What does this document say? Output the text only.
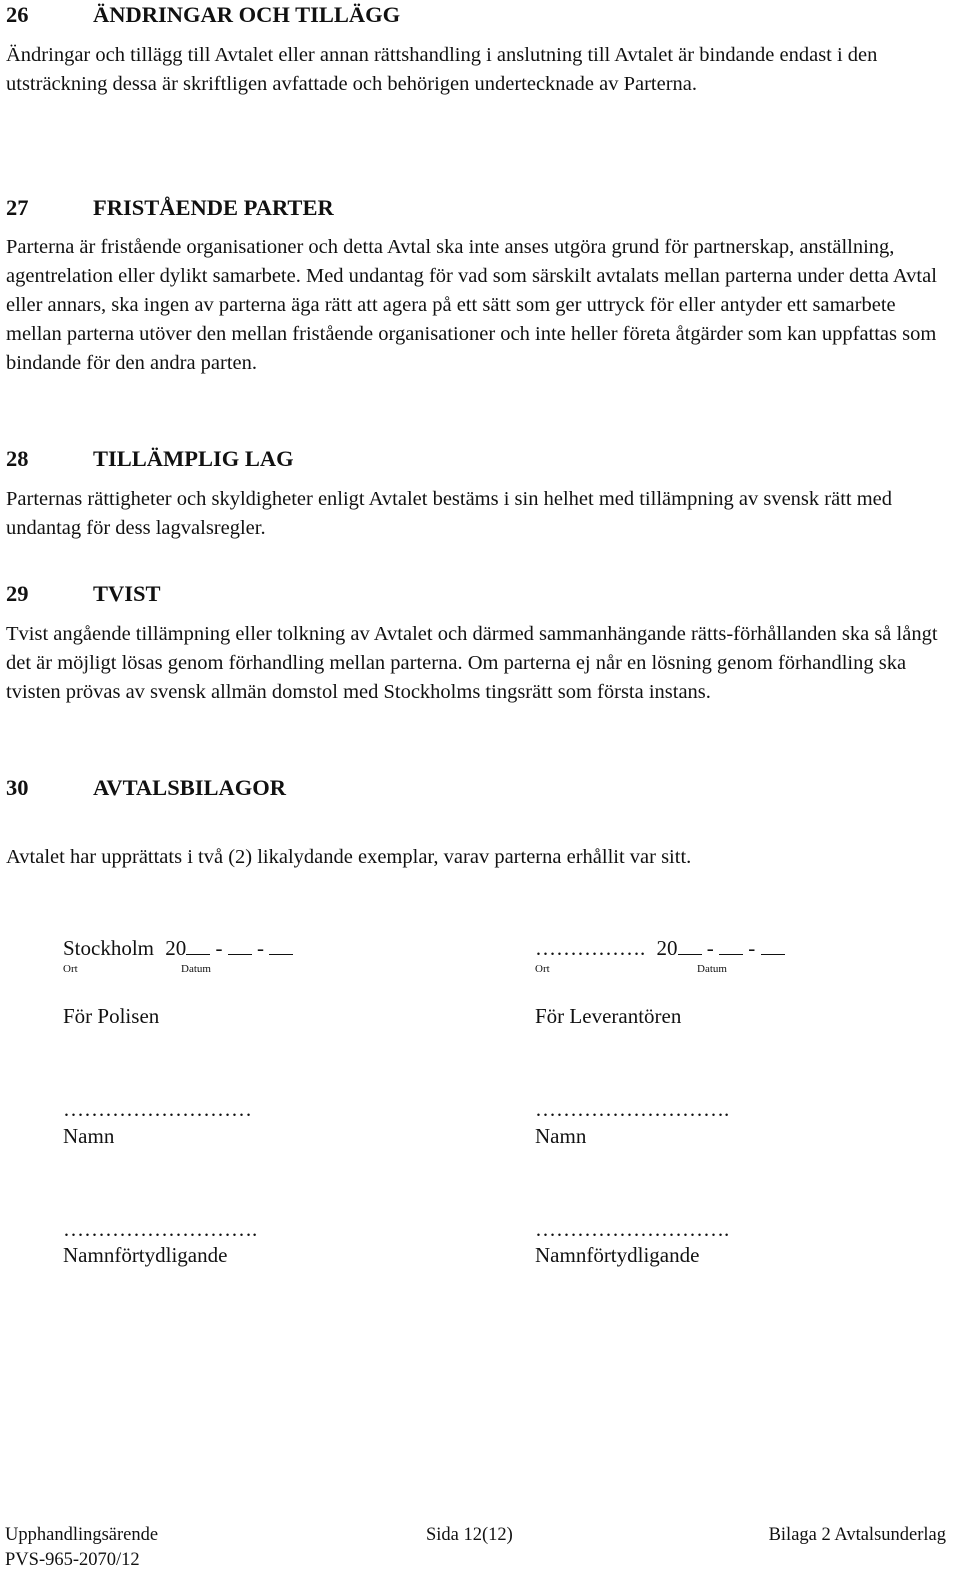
26	ÄNDRINGAR OCH TILLÄGG
Ändringar och tillägg till Avtalet eller annan rättshandling i anslutning till Avtalet är bindande endast i den utsträckning dessa är skriftligen avfattade och behörigen undertecknade av Parterna.
27	FRISTÅENDE PARTER
Parterna är fristående organisationer och detta Avtal ska inte anses utgöra grund för partnerskap, anställning, agentrelation eller dylikt samarbete. Med undantag för vad som särskilt avtalats mellan parterna under detta Avtal eller annars, ska ingen av parterna äga rätt att agera på ett sätt som ger uttryck för eller antyder ett samarbete mellan parterna utöver den mellan fristående organisationer och inte heller företa åtgärder som kan uppfattas som bindande för den andra parten.
28	TILLÄMPLIG LAG
Parternas rättigheter och skyldigheter enligt Avtalet bestäms i sin helhet med tillämpning av svensk rätt med undantag för dess lagvalsregler.
29	TVIST
Tvist angående tillämpning eller tolkning av Avtalet och därmed sammanhängande rätts-förhållanden ska så långt det är möjligt lösas genom förhandling mellan parterna. Om parterna ej når en lösning genom förhandling ska tvisten prövas av svensk allmän domstol med Stockholms tingsrätt som första instans.
30	AVTALSBILAGOR
Avtalet har upprättats i två (2) likalydande exemplar, varav parterna erhållit var sitt.
Stockholm 20 -  -
Ort	Datum
För Polisen
………………………
Namn
……………………….
Namnförtydligande
……………. 20 -  -
Ort	Datum
För Leverantören
……………………….
Namn
……………………….
Namnförtydligande
Upphandlingsärende
PVS-965-2070/12
Sida 12(12)	Bilaga 2 Avtalsunderlag
